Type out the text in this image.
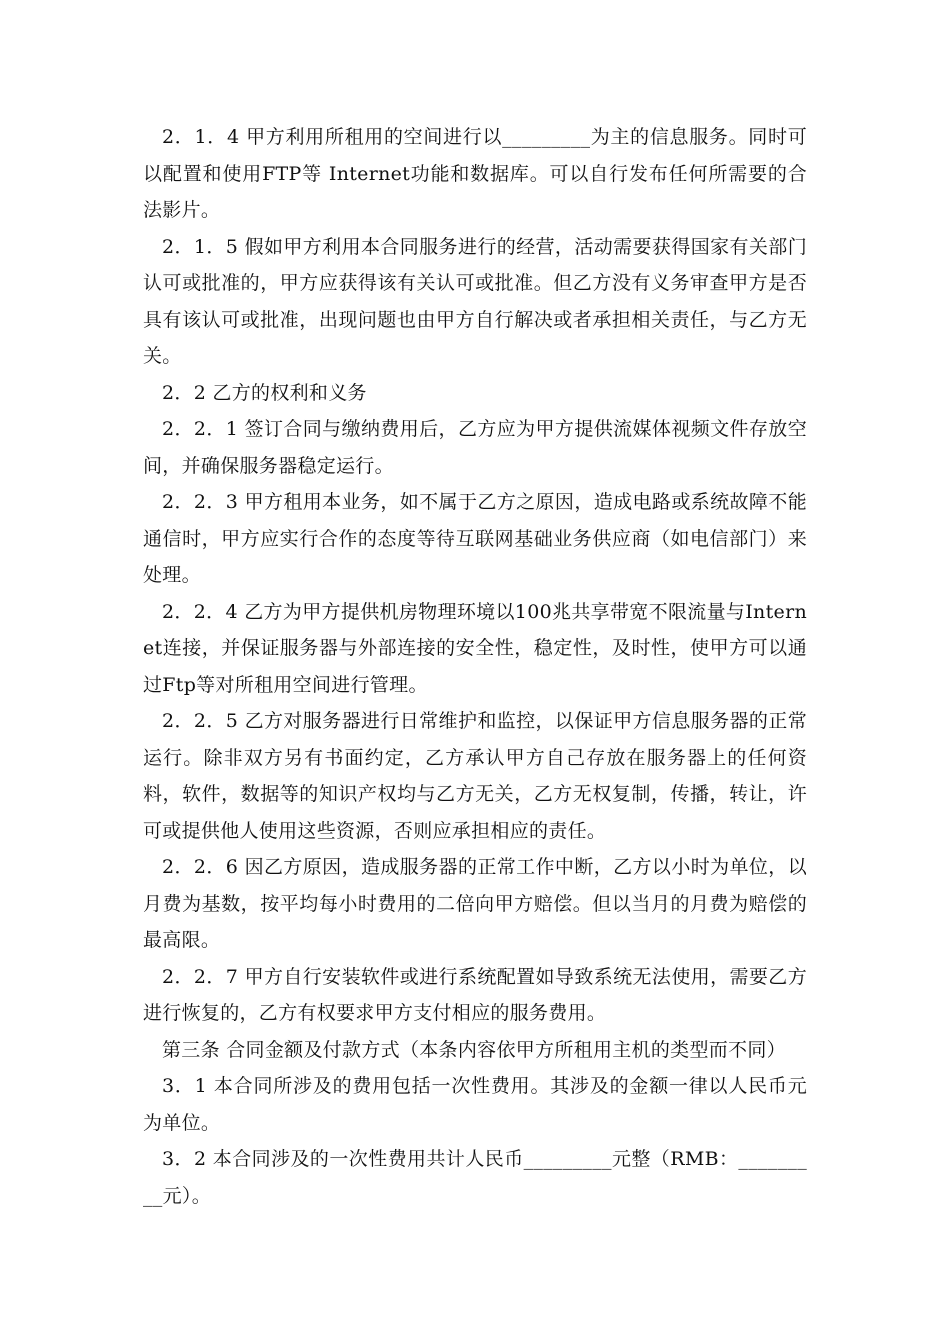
2．1．4 甲方利用所租用的空间进行以_________为主的信息服务。同时可以配置和使用FTP等 Internet功能和数据库。可以自行发布任何所需要的合法影片。

2．1．5 假如甲方利用本合同服务进行的经营，活动需要获得国家有关部门认可或批准的，甲方应获得该有关认可或批准。但乙方没有义务审查甲方是否具有该认可或批准，出现问题也由甲方自行解决或者承担相关责任，与乙方无关。

2．2 乙方的权利和义务

2．2．1 签订合同与缴纳费用后，乙方应为甲方提供流媒体视频文件存放空间，并确保服务器稳定运行。

2．2．3 甲方租用本业务，如不属于乙方之原因，造成电路或系统故障不能通信时，甲方应实行合作的态度等待互联网基础业务供应商（如电信部门）来处理。

2．2．4 乙方为甲方提供机房物理环境以100兆共享带宽不限流量与Internet连接，并保证服务器与外部连接的安全性，稳定性，及时性，使甲方可以通过Ftp等对所租用空间进行管理。

2．2．5 乙方对服务器进行日常维护和监控，以保证甲方信息服务器的正常运行。除非双方另有书面约定，乙方承认甲方自己存放在服务器上的任何资料，软件，数据等的知识产权均与乙方无关，乙方无权复制，传播，转让，许可或提供他人使用这些资源，否则应承担相应的责任。

2．2．6 因乙方原因，造成服务器的正常工作中断，乙方以小时为单位，以月费为基数，按平均每小时费用的二倍向甲方赔偿。但以当月的月费为赔偿的最高限。

2．2．7 甲方自行安装软件或进行系统配置如导致系统无法使用，需要乙方进行恢复的，乙方有权要求甲方支付相应的服务费用。

第三条 合同金额及付款方式（本条内容依甲方所租用主机的类型而不同）

3．1 本合同所涉及的费用包括一次性费用。其涉及的金额一律以人民币元为单位。

3．2 本合同涉及的一次性费用共计人民币_________元整（RMB：_________元）。
